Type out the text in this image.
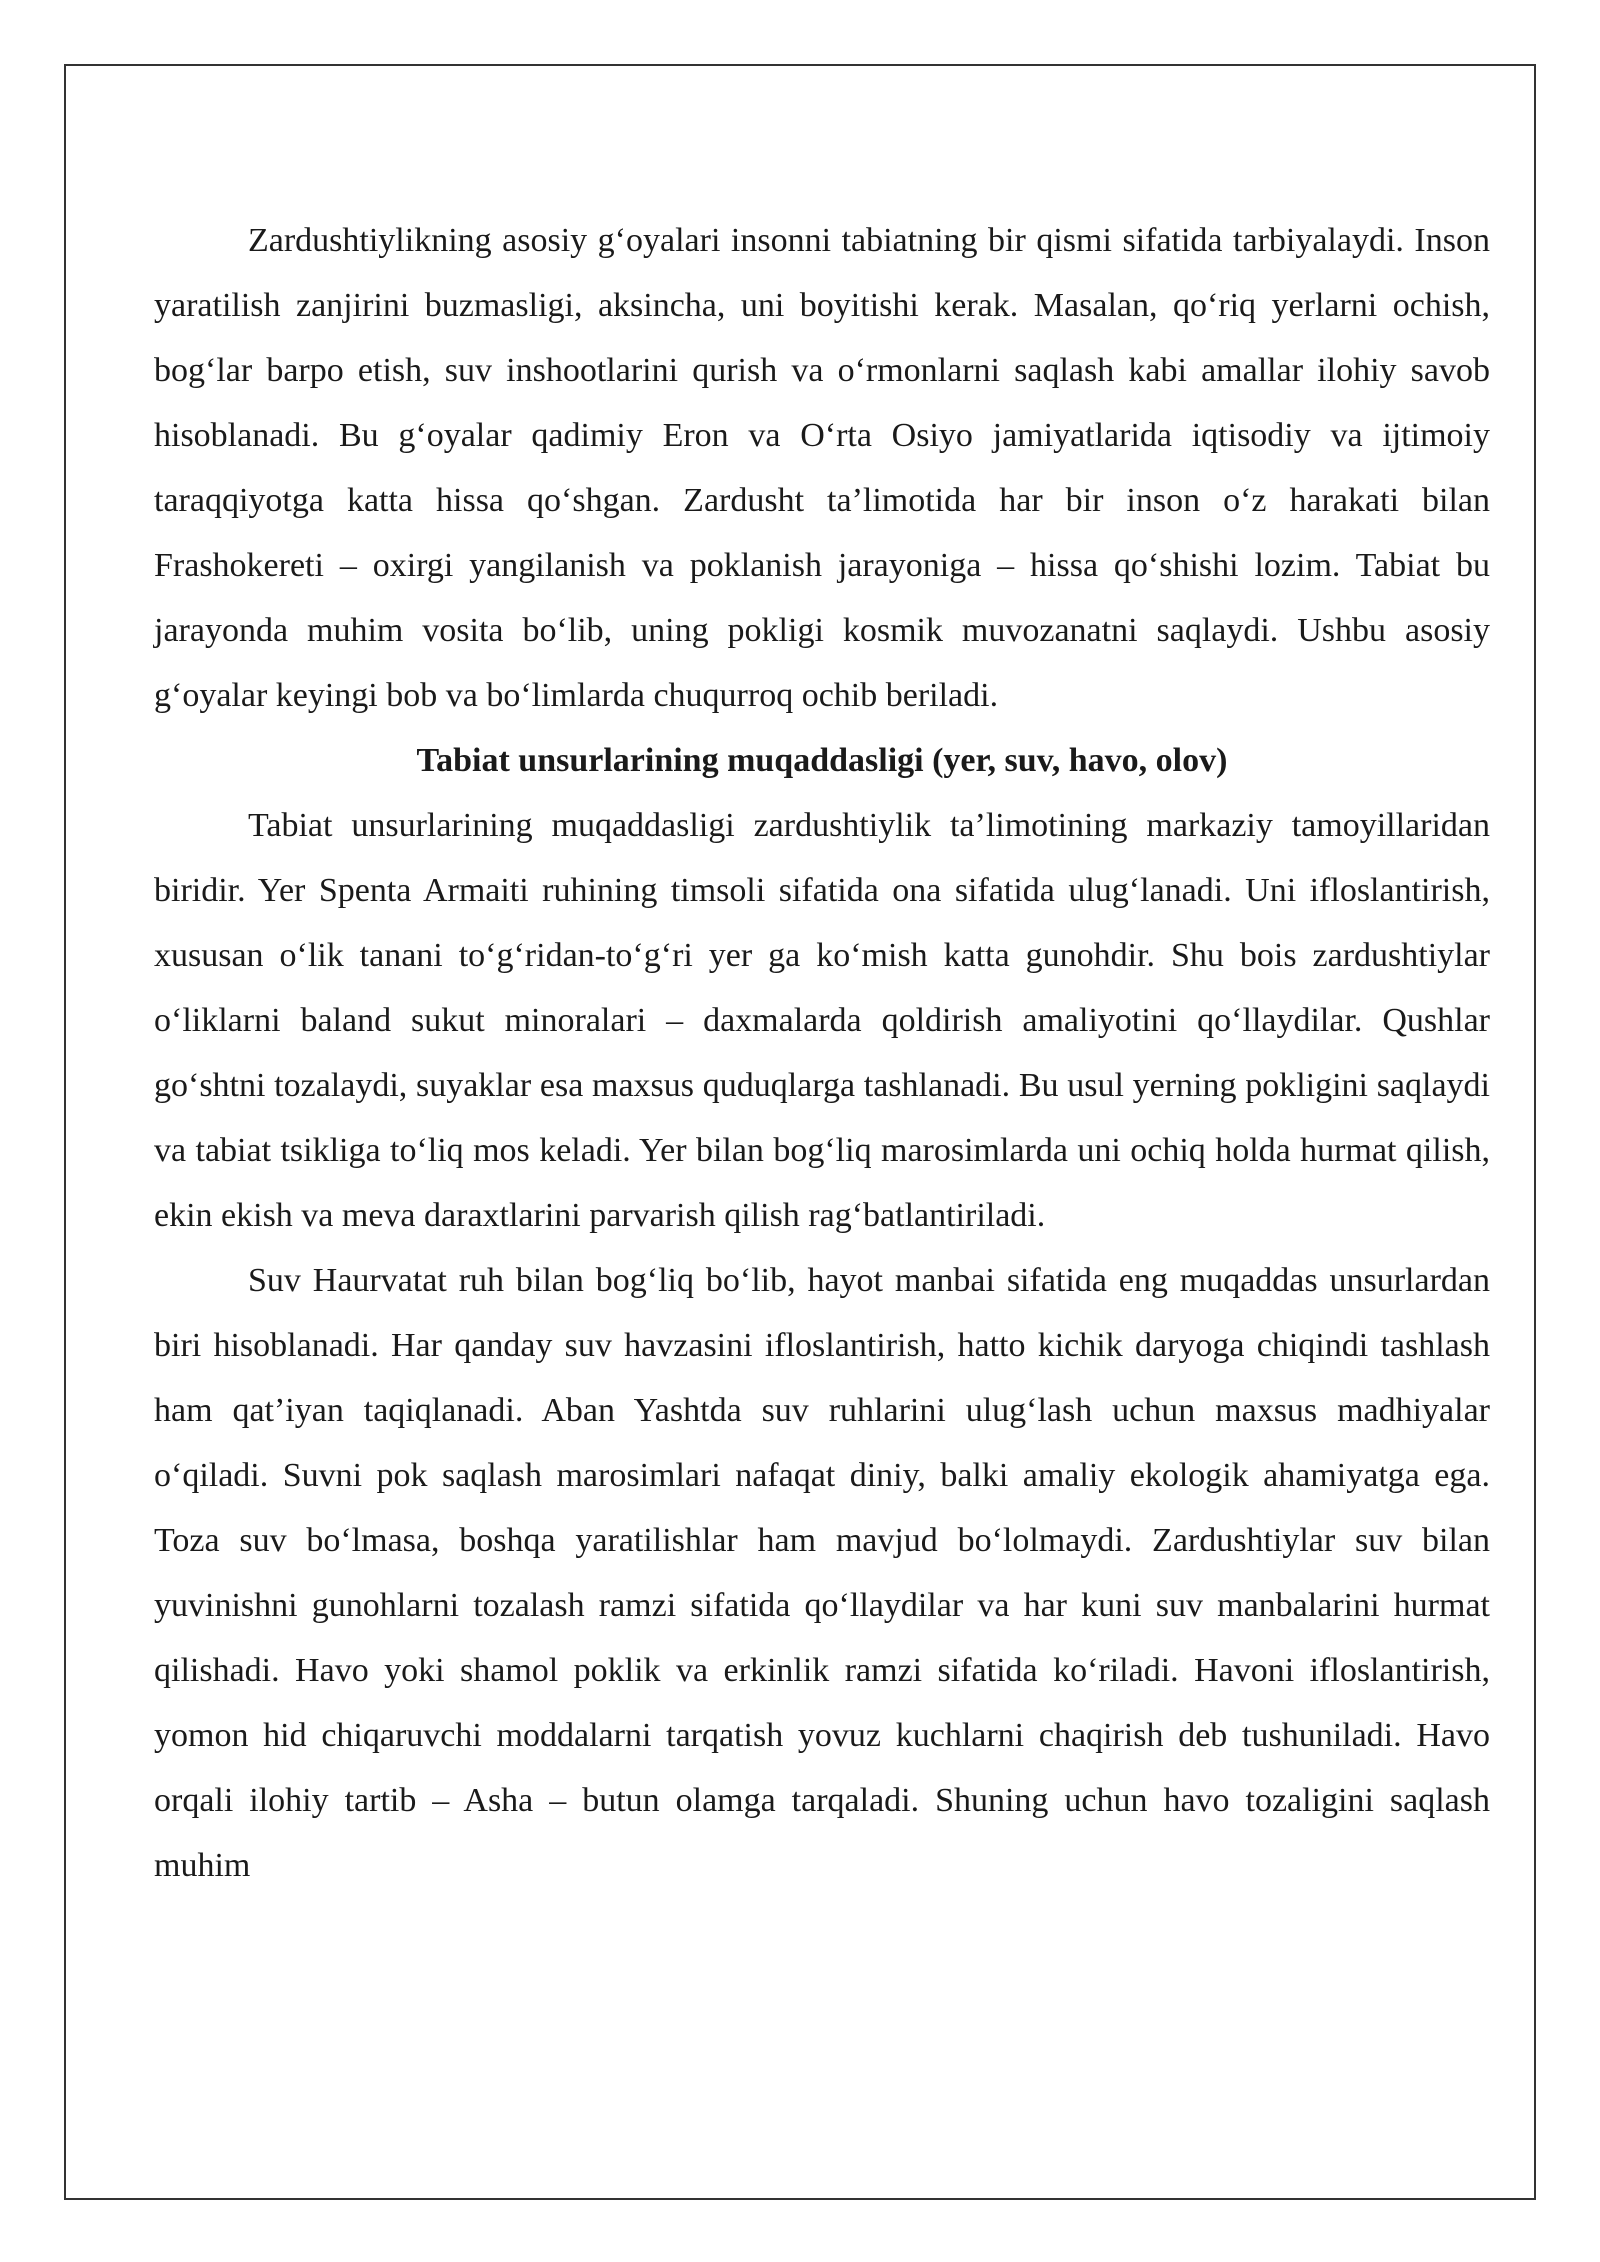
Zardushtiylikning asosiy g‘oyalari insonni tabiatning bir qismi sifatida tarbiyalaydi. Inson yaratilish zanjirini buzmasligi, aksincha, uni boyitishi kerak. Masalan, qo‘riq yerlarni ochish, bog‘lar barpo etish, suv inshootlarini qurish va o‘rmonlarni saqlash kabi amallar ilohiy savob hisoblanadi. Bu g‘oyalar qadimiy Eron va O‘rta Osiyo jamiyatlarida iqtisodiy va ijtimoiy taraqqiyotga katta hissa qo‘shgan. Zardusht ta’limotida har bir inson o‘z harakati bilan Frashokereti – oxirgi yangilanish va poklanish jarayoniga – hissa qo‘shishi lozim. Tabiat bu jarayonda muhim vosita bo‘lib, uning pokligi kosmik muvozanatni saqlaydi. Ushbu asosiy g‘oyalar keyingi bob va bo‘limlarda chuqurroq ochib beriladi.

Tabiat unsurlarining muqaddasligi (yer, suv, havo, olov)

Tabiat unsurlarining muqaddasligi zardushtiylik ta’limotining markaziy tamoyillaridan biridir. Yer Spenta Armaiti ruhining timsoli sifatida ona sifatida ulug‘lanadi. Uni ifloslantirish, xususan o‘lik tanani to‘g‘ridan-to‘g‘ri yer ga ko‘mish katta gunohdir. Shu bois zardushtiylar o‘liklarni baland sukut minoralari – daxmalarda qoldirish amaliyotini qo‘llaydilar. Qushlar go‘shtni tozalaydi, suyaklar esa maxsus quduqlarga tashlanadi. Bu usul yerning pokligini saqlaydi va tabiat tsikliga to‘liq mos keladi. Yer bilan bog‘liq marosimlarda uni ochiq holda hurmat qilish, ekin ekish va meva daraxtlarini parvarish qilish rag‘batlantiriladi.

Suv Haurvatat ruh bilan bog‘liq bo‘lib, hayot manbai sifatida eng muqaddas unsurlardan biri hisoblanadi. Har qanday suv havzasini ifloslantirish, hatto kichik daryoga chiqindi tashlash ham qat’iyan taqiqlanadi. Aban Yashtda suv ruhlarini ulug‘lash uchun maxsus madhiyalar o‘qiladi. Suvni pok saqlash marosimlari nafaqat diniy, balki amaliy ekologik ahamiyatga ega. Toza suv bo‘lmasa, boshqa yaratilishlar ham mavjud bo‘lolmaydi. Zardushtiylar suv bilan yuvinishni gunohlarni tozalash ramzi sifatida qo‘llaydilar va har kuni suv manbalarini hurmat qilishadi. Havo yoki shamol poklik va erkinlik ramzi sifatida ko‘riladi. Havoni ifloslantirish, yomon hid chiqaruvchi moddalarni tarqatish yovuz kuchlarni chaqirish deb tushuniladi. Havo orqali ilohiy tartib – Asha – butun olamga tarqaladi. Shuning uchun havo tozaligini saqlash muhim
